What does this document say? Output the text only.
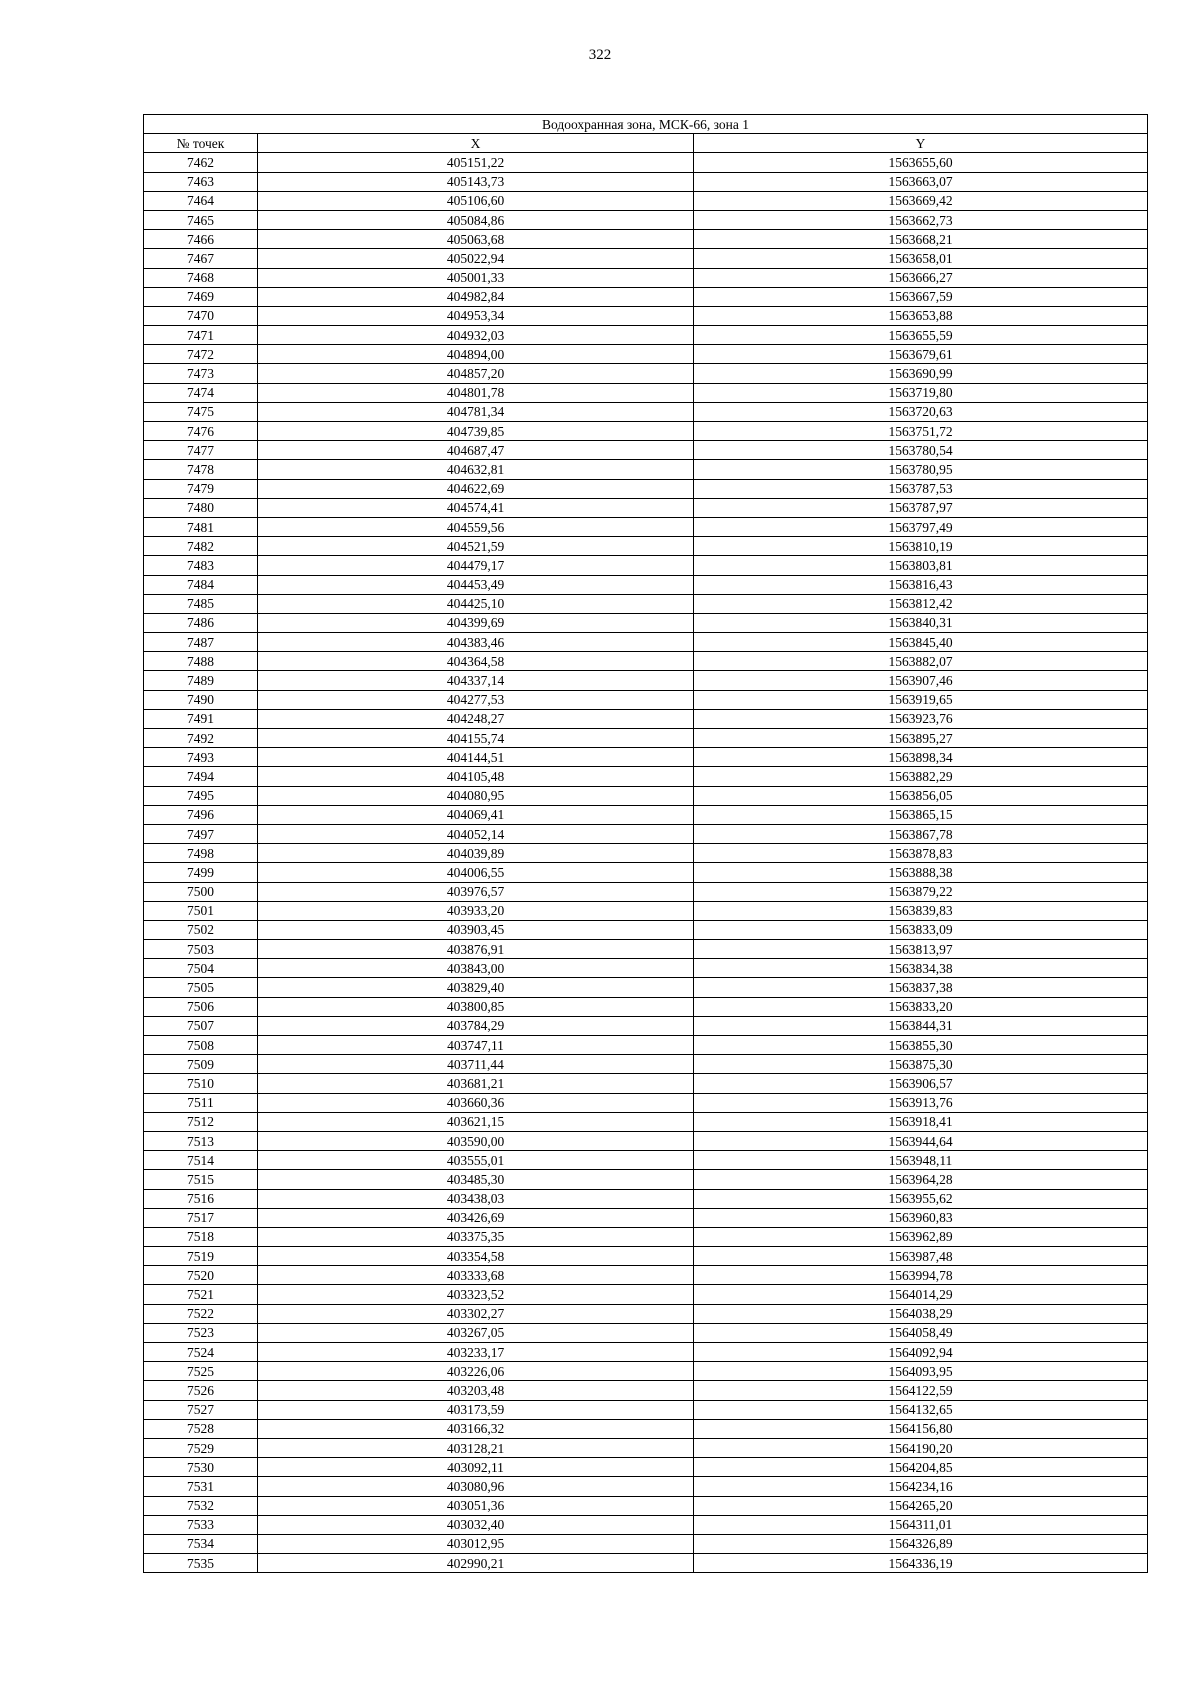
322
Водоохранная зона, МСК-66, зона 1		
№ точек	X	Y
7462	405151,22	1563655,60
7463	405143,73	1563663,07
7464	405106,60	1563669,42
7465	405084,86	1563662,73
7466	405063,68	1563668,21
7467	405022,94	1563658,01
7468	405001,33	1563666,27
7469	404982,84	1563667,59
7470	404953,34	1563653,88
7471	404932,03	1563655,59
7472	404894,00	1563679,61
7473	404857,20	1563690,99
7474	404801,78	1563719,80
7475	404781,34	1563720,63
7476	404739,85	1563751,72
7477	404687,47	1563780,54
7478	404632,81	1563780,95
7479	404622,69	1563787,53
7480	404574,41	1563787,97
7481	404559,56	1563797,49
7482	404521,59	1563810,19
7483	404479,17	1563803,81
7484	404453,49	1563816,43
7485	404425,10	1563812,42
7486	404399,69	1563840,31
7487	404383,46	1563845,40
7488	404364,58	1563882,07
7489	404337,14	1563907,46
7490	404277,53	1563919,65
7491	404248,27	1563923,76
7492	404155,74	1563895,27
7493	404144,51	1563898,34
7494	404105,48	1563882,29
7495	404080,95	1563856,05
7496	404069,41	1563865,15
7497	404052,14	1563867,78
7498	404039,89	1563878,83
7499	404006,55	1563888,38
7500	403976,57	1563879,22
7501	403933,20	1563839,83
7502	403903,45	1563833,09
7503	403876,91	1563813,97
7504	403843,00	1563834,38
7505	403829,40	1563837,38
7506	403800,85	1563833,20
7507	403784,29	1563844,31
7508	403747,11	1563855,30
7509	403711,44	1563875,30
7510	403681,21	1563906,57
7511	403660,36	1563913,76
7512	403621,15	1563918,41
7513	403590,00	1563944,64
7514	403555,01	1563948,11
7515	403485,30	1563964,28
7516	403438,03	1563955,62
7517	403426,69	1563960,83
7518	403375,35	1563962,89
7519	403354,58	1563987,48
7520	403333,68	1563994,78
7521	403323,52	1564014,29
7522	403302,27	1564038,29
7523	403267,05	1564058,49
7524	403233,17	1564092,94
7525	403226,06	1564093,95
7526	403203,48	1564122,59
7527	403173,59	1564132,65
7528	403166,32	1564156,80
7529	403128,21	1564190,20
7530	403092,11	1564204,85
7531	403080,96	1564234,16
7532	403051,36	1564265,20
7533	403032,40	1564311,01
7534	403012,95	1564326,89
7535	402990,21	1564336,19
